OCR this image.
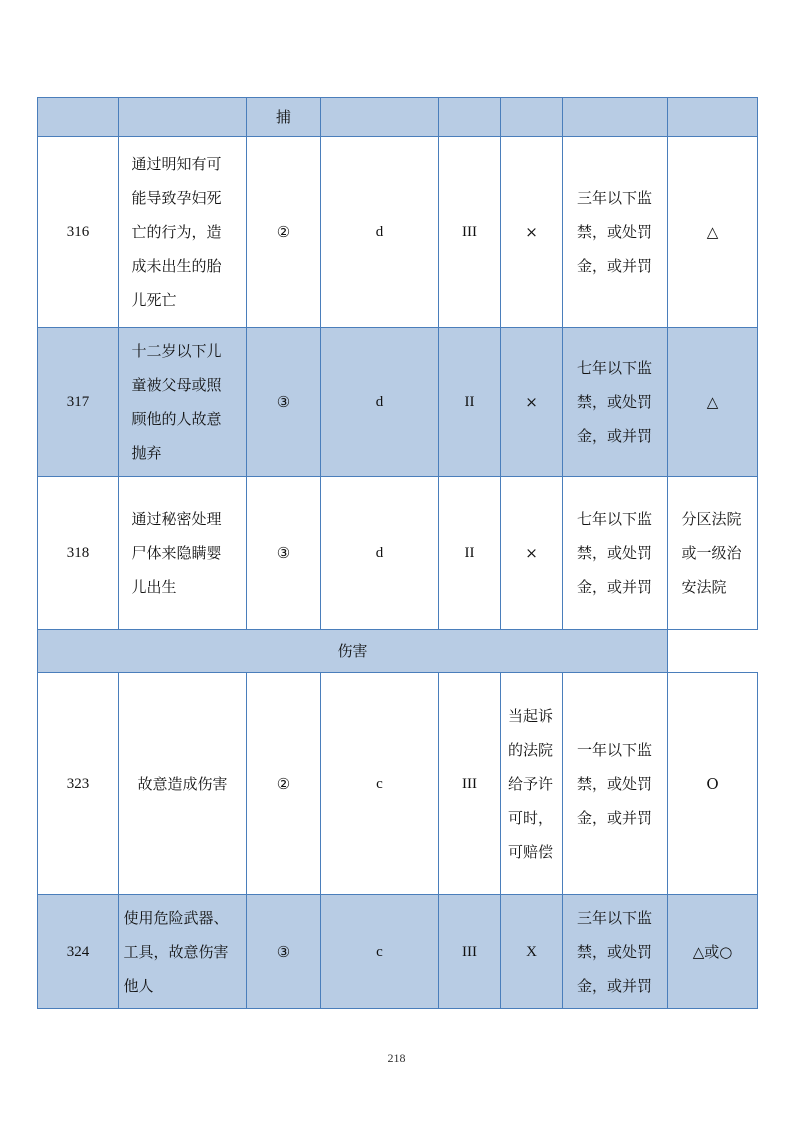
		捕					
316	通过明知有可能导致孕妇死亡的行为，造成未出生的胎儿死亡	②	d	III	×	三年以下监禁，或处罚金，或并罚	△
317	十二岁以下儿童被父母或照顾他的人故意抛弃	③	d	II	×	七年以下监禁，或处罚金，或并罚	△
318	通过秘密处理尸体来隐瞒婴儿出生	③	d	II	×	七年以下监禁，或处罚金，或并罚	分区法院或一级治安法院
伤害							
323	故意造成伤害	②	c	III	当起诉的法院给予许可时，可赔偿	一年以下监禁，或处罚金，或并罚	O
324	使用危险武器、工具，故意伤害他人	③	c	III	X	三年以下监禁，或处罚金，或并罚	△或○
218
